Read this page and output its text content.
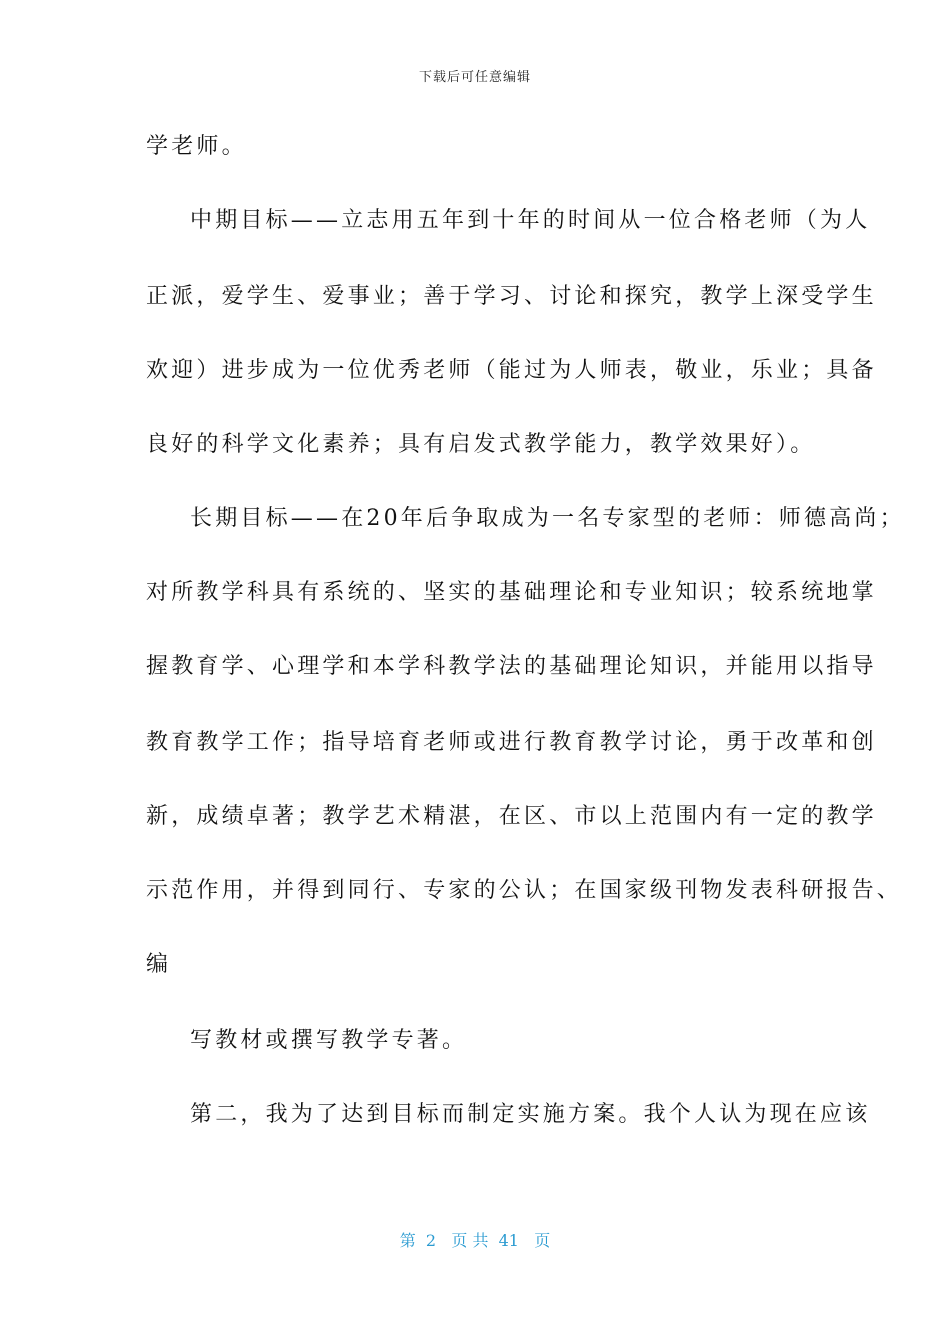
下载后可任意编辑
学老师。
中期目标——立志用五年到十年的时间从一位合格老师（为人
正派，爱学生、爱事业；善于学习、讨论和探究，教学上深受学生
欢迎）进步成为一位优秀老师（能过为人师表，敬业，乐业；具备
良好的科学文化素养；具有启发式教学能力，教学效果好）。
长期目标——在20年后争取成为一名专家型的老师：师德高尚；
对所教学科具有系统的、坚实的基础理论和专业知识；较系统地掌
握教育学、心理学和本学科教学法的基础理论知识，并能用以指导
教育教学工作；指导培育老师或进行教育教学讨论，勇于改革和创
新，成绩卓著；教学艺术精湛，在区、市以上范围内有一定的教学
示范作用，并得到同行、专家的公认；在国家级刊物发表科研报告、
编
写教材或撰写教学专著。
第二，我为了达到目标而制定实施方案。我个人认为现在应该
第  2   页 共  41   页
